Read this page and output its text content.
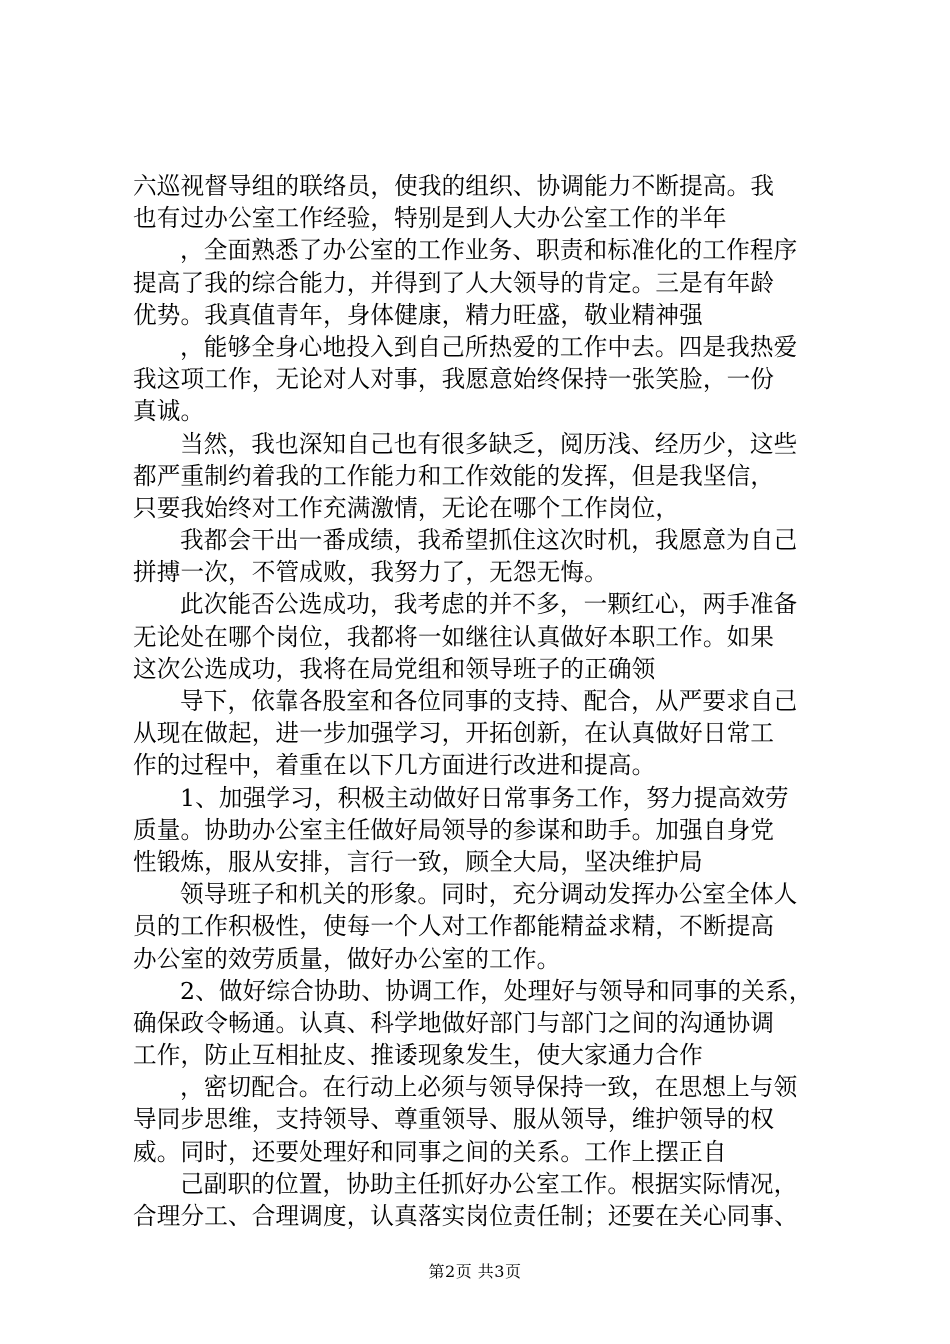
六巡视督导组的联络员，使我的组织、协调能力不断提高。我
也有过办公室工作经验，特别是到人大办公室工作的半年
，全面熟悉了办公室的工作业务、职责和标准化的工作程序
提高了我的综合能力，并得到了人大领导的肯定。三是有年龄
优势。我真值青年，身体健康，精力旺盛，敬业精神强
，能够全身心地投入到自己所热爱的工作中去。四是我热爱
我这项工作，无论对人对事，我愿意始终保持一张笑脸，一份
真诚。
当然，我也深知自己也有很多缺乏，阅历浅、经历少，这些
都严重制约着我的工作能力和工作效能的发挥，但是我坚信，
只要我始终对工作充满激情，无论在哪个工作岗位，
我都会干出一番成绩，我希望抓住这次时机，我愿意为自己
拼搏一次，不管成败，我努力了，无怨无悔。
此次能否公选成功，我考虑的并不多，一颗红心，两手准备
无论处在哪个岗位，我都将一如继往认真做好本职工作。如果
这次公选成功，我将在局党组和领导班子的正确领
导下，依靠各股室和各位同事的支持、配合，从严要求自己
从现在做起，进一步加强学习，开拓创新，在认真做好日常工
作的过程中，着重在以下几方面进行改进和提高。
1、加强学习，积极主动做好日常事务工作，努力提高效劳
质量。协助办公室主任做好局领导的参谋和助手。加强自身党
性锻炼，服从安排，言行一致，顾全大局，坚决维护局
领导班子和机关的形象。同时，充分调动发挥办公室全体人
员的工作积极性，使每一个人对工作都能精益求精，不断提高
办公室的效劳质量，做好办公室的工作。
2、做好综合协助、协调工作，处理好与领导和同事的关系，
确保政令畅通。认真、科学地做好部门与部门之间的沟通协调
工作，防止互相扯皮、推诿现象发生，使大家通力合作
，密切配合。在行动上必须与领导保持一致，在思想上与领
导同步思维，支持领导、尊重领导、服从领导，维护领导的权
威。同时，还要处理好和同事之间的关系。工作上摆正自
己副职的位置，协助主任抓好办公室工作。根据实际情况，
合理分工、合理调度，认真落实岗位责任制；还要在关心同事、
第2页 共3页
